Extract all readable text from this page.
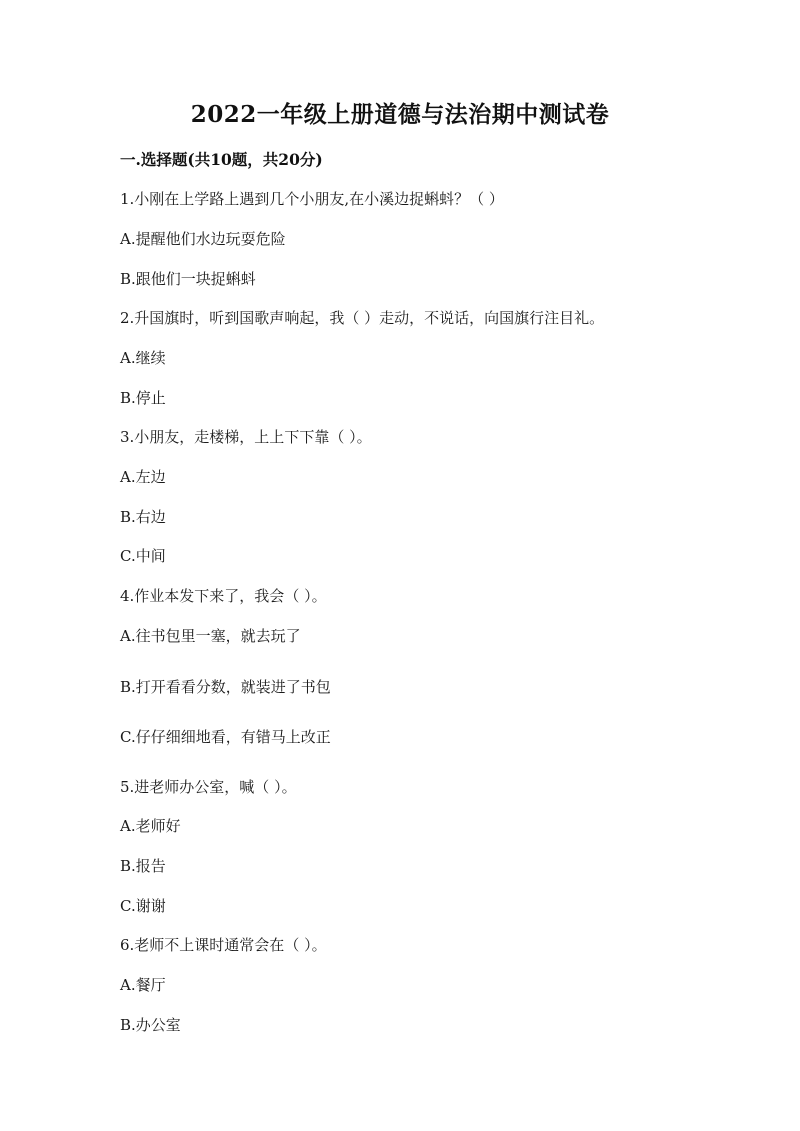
2022一年级上册道德与法治期中测试卷
一.选择题(共10题，共20分)
1.小刚在上学路上遇到几个小朋友,在小溪边捉蝌蚪？（ ）
A.提醒他们水边玩耍危险
B.跟他们一块捉蝌蚪
2.升国旗时，听到国歌声响起，我（ ）走动，不说话，向国旗行注目礼。
A.继续
B.停止
3.小朋友，走楼梯，上上下下靠（ ）。
A.左边
B.右边
C.中间
4.作业本发下来了，我会（ ）。
A.往书包里一塞，就去玩了
B.打开看看分数，就装进了书包
C.仔仔细细地看，有错马上改正
5.进老师办公室，喊（ ）。
A.老师好
B.报告
C.谢谢
6.老师不上课时通常会在（ ）。
A.餐厅
B.办公室
